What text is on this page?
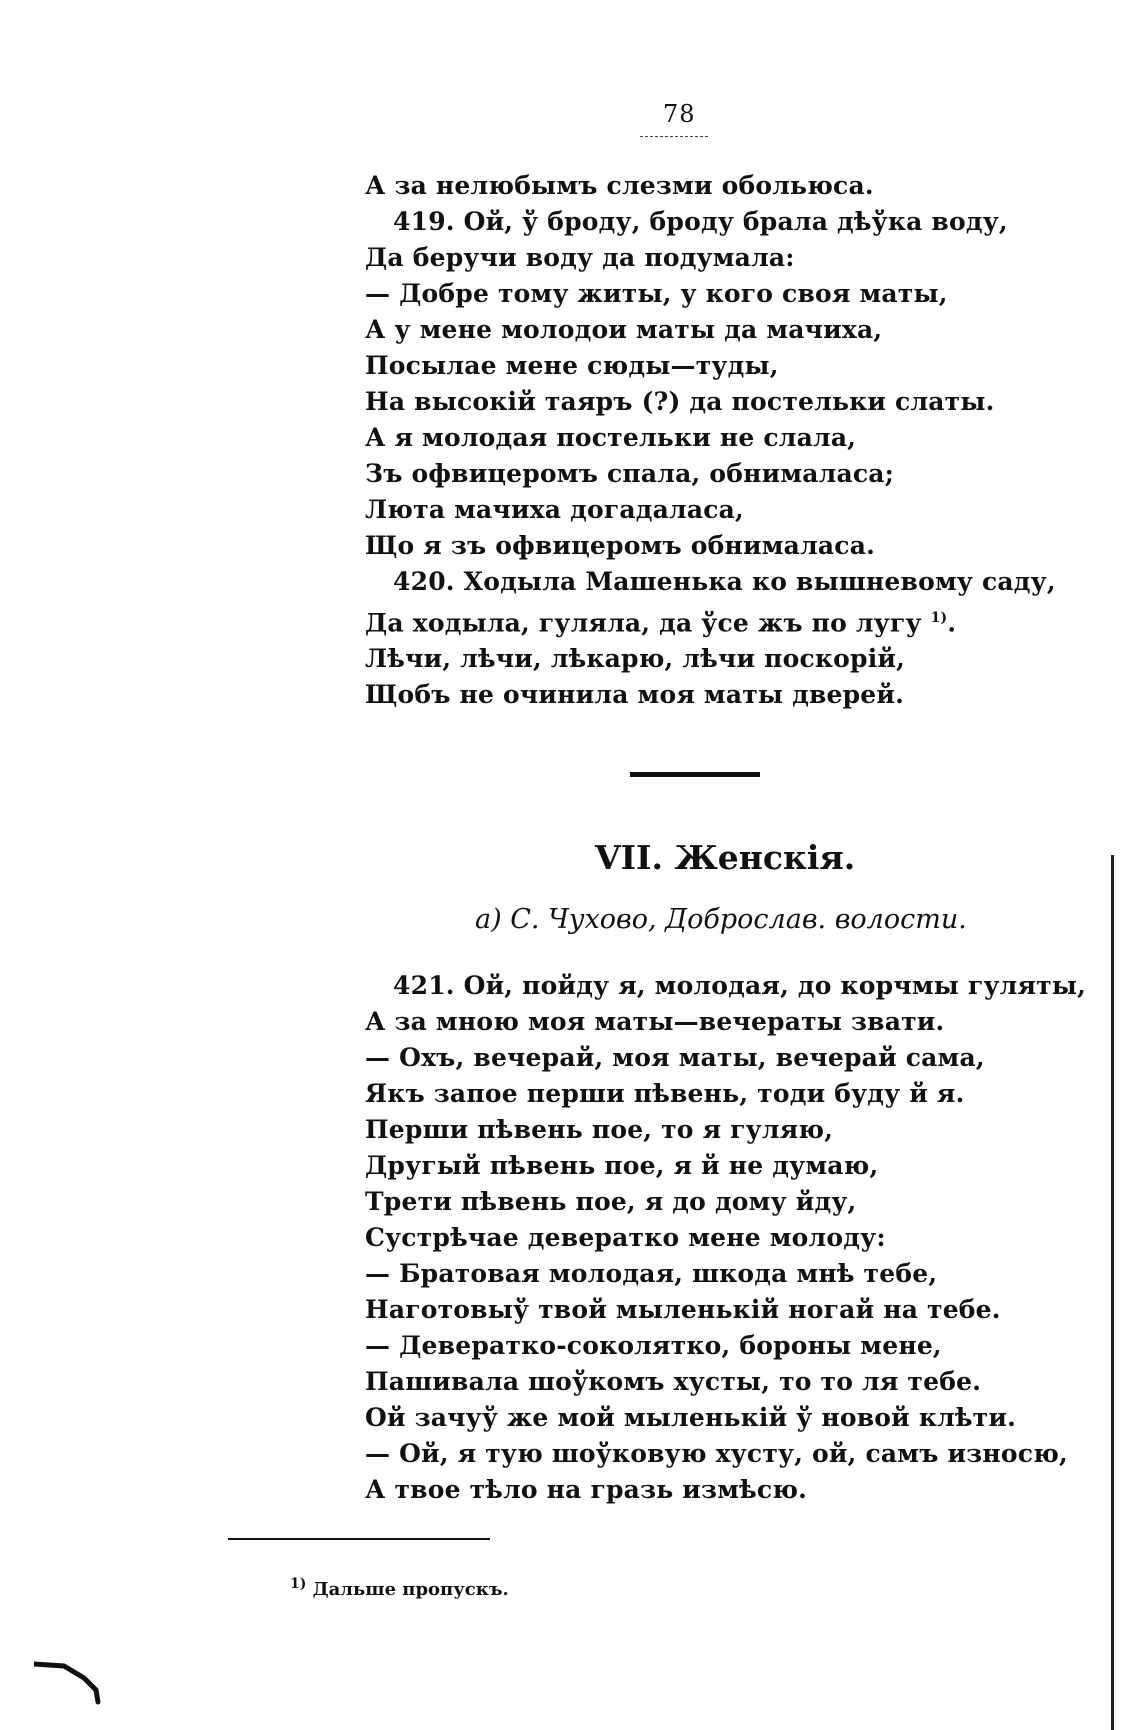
78
А за нелюбымъ слезми обольюса.
419. Ой, ў броду, броду брала дѣўка воду,
Да беручи воду да подумала:
— Добре тому житы, у кого своя маты,
А у мене молодои маты да мачиха,
Посылае мене сюды—туды,
На высокій таяръ (?) да постельки слаты.
А я молодая постельки не слала,
Зъ офвицеромъ спала, обнималаса;
Люта мачиха догадаласа,
Що я зъ офвицеромъ обнималаса.
420. Ходыла Машенька ко вышневому саду,
Да ходыла, гуляла, да ўсе жъ по лугу $^{1)}$.
Лѣчи, лѣчи, лѣкарю, лѣчи поскорій,
Щобъ не очинила моя маты дверей.
VII. Женскія.
а) С. Чухово, Доброслав. волости.
421. Ой, пойду я, молодая, до корчмы гуляты,
А за мною моя маты—вечераты звати.
— Охъ, вечерай, моя маты, вечерай сама,
Якъ запое перши пѣвень, тоди буду й я.
Перши пѣвень пое, то я гуляю,
Другый пѣвень пое, я й не думаю,
Трети пѣвень пое, я до дому йду,
Сустрѣчае девератко мене молоду:
— Братовая молодая, шкода мнѣ тебе,
Наготовыў твой мыленькій ногай на тебе.
— Девератко-соколятко, бороны мене,
Пашивала шоўкомъ хусты, то то ля тебе.
Ой зачуў же мой мыленькій ў новой клѣти.
— Ой, я тую шоўковую хусту, ой, самъ износю,
А твое тѣло на гразь измѣсю.
$^{1)}$ Дальше пропускъ.
